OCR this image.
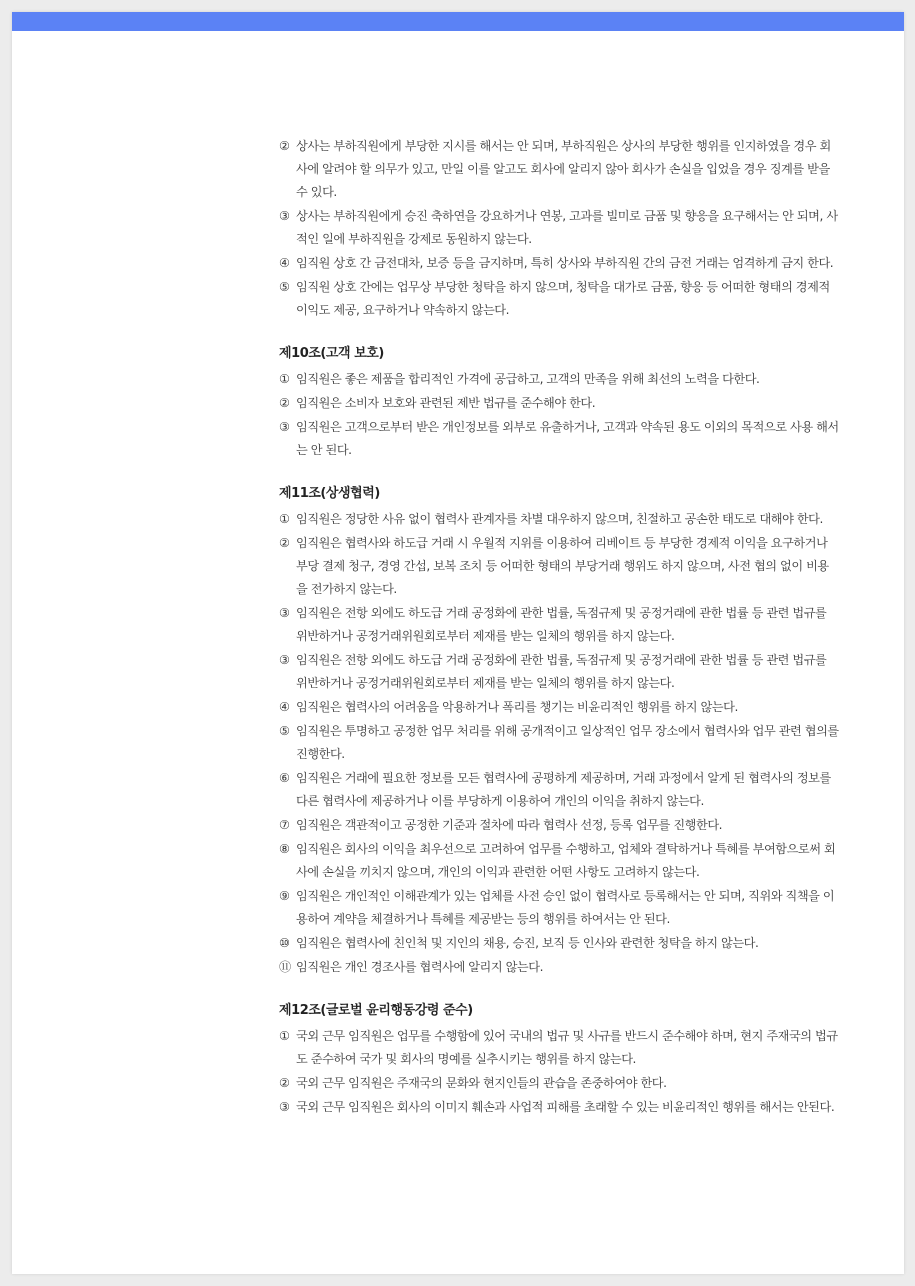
② 상사는 부하직원에게 부당한 지시를 해서는 안 되며, 부하직원은 상사의 부당한 행위를 인지하였을 경우 회사에 알려야 할 의무가 있고, 만일 이를 알고도 회사에 알리지 않아 회사가 손실을 입었을 경우 징계를 받을 수 있다.
③ 상사는 부하직원에게 승진 축하연을 강요하거나 연봉, 고과를 빌미로 금품 및 향응을 요구해서는 안 되며, 사적인 일에 부하직원을 강제로 동원하지 않는다.
④ 임직원 상호 간 금전대차, 보증 등을 금지하며, 특히 상사와 부하직원 간의 금전 거래는 엄격하게 금지 한다.
⑤ 임직원 상호 간에는 업무상 부당한 청탁을 하지 않으며, 청탁을 대가로 금품, 향응 등 어떠한 형태의 경제적 이익도 제공, 요구하거나 약속하지 않는다.
제10조(고객 보호)
① 임직원은 좋은 제품을 합리적인 가격에 공급하고, 고객의 만족을 위해 최선의 노력을 다한다.
② 임직원은 소비자 보호와 관련된 제반 법규를 준수해야 한다.
③ 임직원은 고객으로부터 받은 개인정보를 외부로 유출하거나, 고객과 약속된 용도 이외의 목적으로 사용 해서는 안 된다.
제11조(상생협력)
① 임직원은 정당한 사유 없이 협력사 관계자를 차별 대우하지 않으며, 친절하고 공손한 태도로 대해야 한다.
② 임직원은 협력사와 하도급 거래 시 우월적 지위를 이용하여 리베이트 등 부당한 경제적 이익을 요구하거나 부당 결제 청구, 경영 간섭, 보복 조치 등 어떠한 형태의 부당거래 행위도 하지 않으며, 사전 협의 없이 비용을 전가하지 않는다.
③ 임직원은 전항 외에도 하도급 거래 공정화에 관한 법률, 독점규제 및 공정거래에 관한 법률 등 관련 법규를 위반하거나 공정거래위원회로부터 제재를 받는 일체의 행위를 하지 않는다.
③ 임직원은 전항 외에도 하도급 거래 공정화에 관한 법률, 독점규제 및 공정거래에 관한 법률 등 관련 법규를 위반하거나 공정거래위원회로부터 제재를 받는 일체의 행위를 하지 않는다.
④ 임직원은 협력사의 어려움을 악용하거나 폭리를 챙기는 비윤리적인 행위를 하지 않는다.
⑤ 임직원은 투명하고 공정한 업무 처리를 위해 공개적이고 일상적인 업무 장소에서 협력사와 업무 관련 협의를 진행한다.
⑥ 임직원은 거래에 필요한 정보를 모든 협력사에 공평하게 제공하며, 거래 과정에서 알게 된 협력사의 정보를 다른 협력사에 제공하거나 이를 부당하게 이용하여 개인의 이익을 취하지 않는다.
⑦ 임직원은 객관적이고 공정한 기준과 절차에 따라 협력사 선정, 등록 업무를 진행한다.
⑧ 임직원은 회사의 이익을 최우선으로 고려하여 업무를 수행하고, 업체와 결탁하거나 특혜를 부여함으로써 회사에 손실을 끼치지 않으며, 개인의 이익과 관련한 어떤 사항도 고려하지 않는다.
⑨ 임직원은 개인적인 이해관계가 있는 업체를 사전 승인 없이 협력사로 등록해서는 안 되며, 직위와 직책을 이용하여 계약을 체결하거나 특혜를 제공받는 등의 행위를 하여서는 안 된다.
⑩ 임직원은 협력사에 친인척 및 지인의 채용, 승진, 보직 등 인사와 관련한 청탁을 하지 않는다.
⑪ 임직원은 개인 경조사를 협력사에 알리지 않는다.
제12조(글로벌 윤리행동강령 준수)
① 국외 근무 임직원은 업무를 수행함에 있어 국내의 법규 및 사규를 반드시 준수해야 하며, 현지 주재국의 법규도 준수하여 국가 및 회사의 명예를 실추시키는 행위를 하지 않는다.
② 국외 근무 임직원은 주재국의 문화와 현지인들의 관습을 존중하여야 한다.
③ 국외 근무 임직원은 회사의 이미지 훼손과 사업적 피해를 초래할 수 있는 비윤리적인 행위를 해서는 안된다.
